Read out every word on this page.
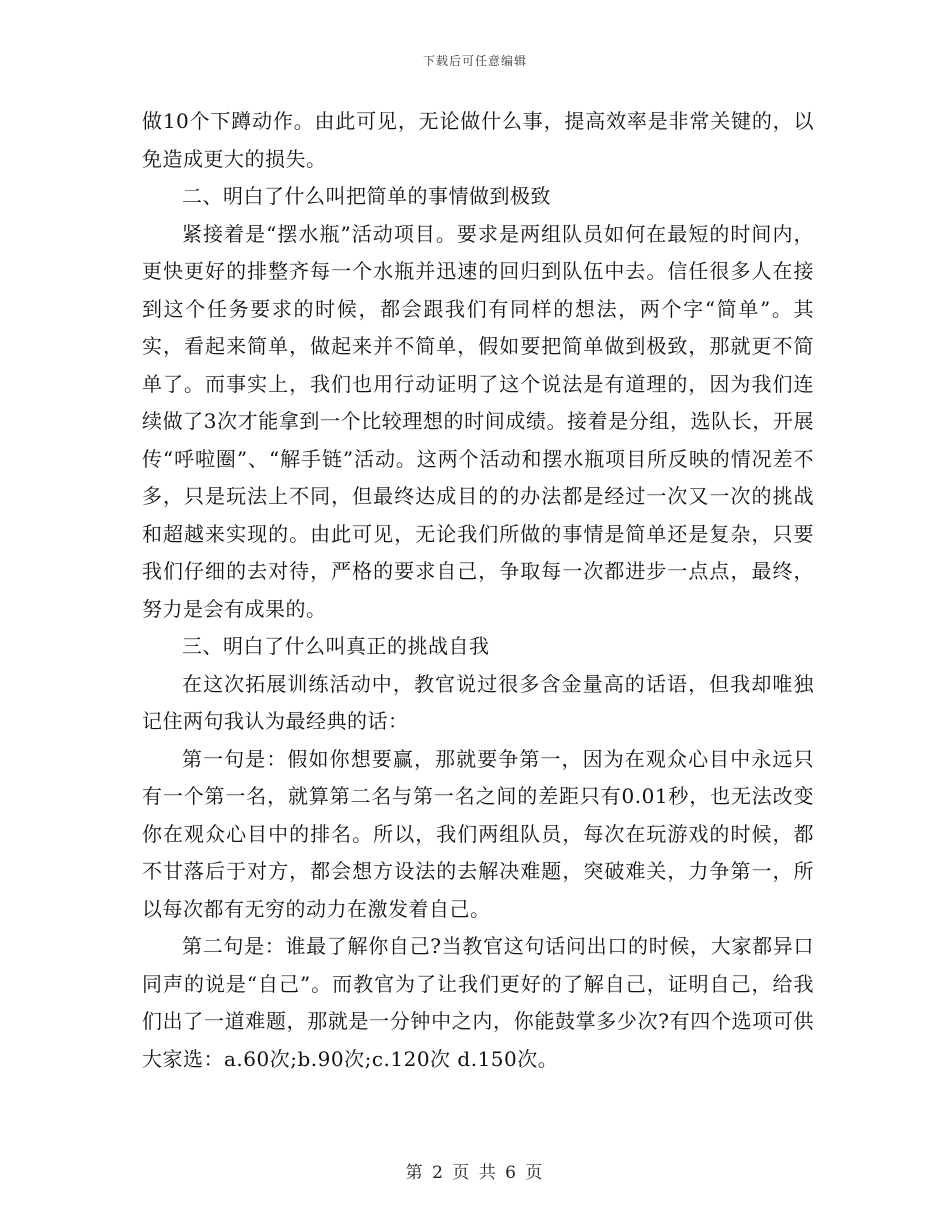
下载后可任意编辑

做10个下蹲动作。由此可见，无论做什么事，提高效率是非常关键的，以免造成更大的损失。

二、明白了什么叫把简单的事情做到极致

紧接着是“摆水瓶”活动项目。要求是两组队员如何在最短的时间内，更快更好的排整齐每一个水瓶并迅速的回归到队伍中去。信任很多人在接到这个任务要求的时候，都会跟我们有同样的想法，两个字“简单”。其实，看起来简单，做起来并不简单，假如要把简单做到极致，那就更不简单了。而事实上，我们也用行动证明了这个说法是有道理的，因为我们连续做了3次才能拿到一个比较理想的时间成绩。接着是分组，选队长，开展传“呼啦圈”、“解手链”活动。这两个活动和摆水瓶项目所反映的情况差不多，只是玩法上不同，但最终达成目的的办法都是经过一次又一次的挑战和超越来实现的。由此可见，无论我们所做的事情是简单还是复杂，只要我们仔细的去对待，严格的要求自己，争取每一次都进步一点点，最终，努力是会有成果的。

三、明白了什么叫真正的挑战自我

在这次拓展训练活动中，教官说过很多含金量高的话语，但我却唯独记住两句我认为最经典的话：

第一句是：假如你想要赢，那就要争第一，因为在观众心目中永远只有一个第一名，就算第二名与第一名之间的差距只有0.01秒，也无法改变你在观众心目中的排名。所以，我们两组队员，每次在玩游戏的时候，都不甘落后于对方，都会想方设法的去解决难题，突破难关，力争第一，所以每次都有无穷的动力在激发着自己。

第二句是：谁最了解你自己?当教官这句话问出口的时候，大家都异口同声的说是“自己”。而教官为了让我们更好的了解自己，证明自己，给我们出了一道难题，那就是一分钟中之内，你能鼓掌多少次?有四个选项可供大家选：a.60次;b.90次;c.120次 d.150次。

第 2 页 共 6 页
